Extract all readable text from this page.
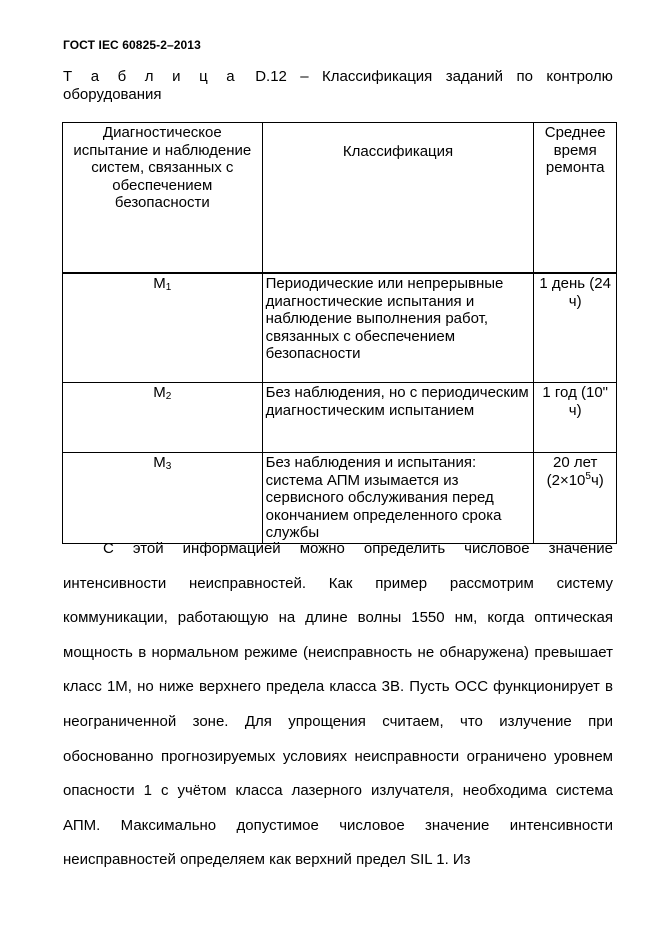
ГОСТ IEC 60825-2–2013
Т а б л и ц а D.12 – Классификация заданий по контролю
оборудования
Диагностическое испытание и наблюдение систем, связанных с обеспечением безопасности	Классификация	Среднее время ремонта
$M_1$	Периодические или непрерывные диагностические испытания и наблюдение выполнения работ, связанных с обеспечением безопасности	1 день (24 ч)
$M_2$	Без наблюдения, но с периодическим диагностическим испытанием	1 год (10" ч)
$M_3$	Без наблюдения и испытания: система АПМ изымается из сервисного обслуживания перед окончанием определенного срока службы	20 лет $(2\times 10^5ч)$
С этой информацией можно определить числовое значение интенсивности неисправностей. Как пример рассмотрим систему коммуникации, работающую на длине волны 1550 нм, когда оптическая мощность в нормальном режиме (неисправность не обнаружена) превышает класс 1М, но ниже верхнего предела класса 3В. Пусть ОСС функционирует в неограниченной зоне. Для упрощения считаем, что излучение при обоснованно прогнозируемых условиях неисправности ограничено уровнем опасности 1 с учётом класса лазерного излучателя, необходима система АПМ. Максимально допустимое числовое значение интенсивности неисправностей определяем как верхний предел SIL 1. Из
